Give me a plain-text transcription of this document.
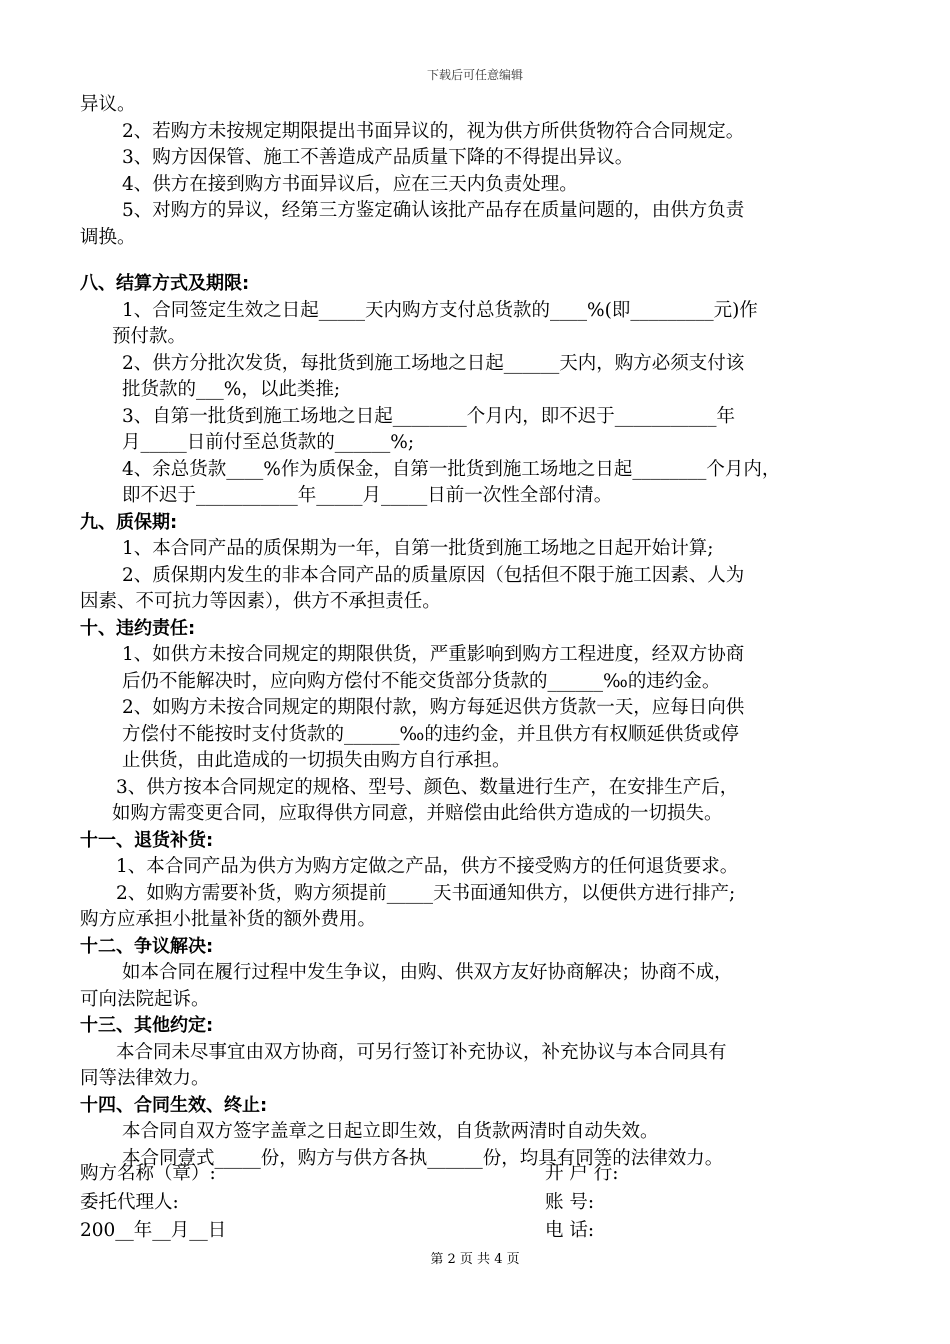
下载后可任意编辑
异议。
2、若购方未按规定期限提出书面异议的，视为供方所供货物符合合同规定。
3、购方因保管、施工不善造成产品质量下降的不得提出异议。
4、供方在接到购方书面异议后，应在三天内负责处理。
5、对购方的异议，经第三方鉴定确认该批产品存在质量问题的，由供方负责
调换。
八、结算方式及期限:
1、合同签定生效之日起_____天内购方支付总货款的____%(即_________元)作
预付款。
2、供方分批次发货，每批货到施工场地之日起______天内，购方必须支付该
批货款的___%，以此类推;
3、自第一批货到施工场地之日起________个月内，即不迟于___________年
月_____日前付至总货款的______%;
4、余总货款____%作为质保金，自第一批货到施工场地之日起________个月内，
即不迟于___________年_____月_____日前一次性全部付清。
九、质保期:
1、本合同产品的质保期为一年，自第一批货到施工场地之日起开始计算;
2、质保期内发生的非本合同产品的质量原因（包括但不限于施工因素、人为
因素、不可抗力等因素），供方不承担责任。
十、违约责任:
1、如供方未按合同规定的期限供货，严重影响到购方工程进度，经双方协商
后仍不能解决时，应向购方偿付不能交货部分货款的______‰的违约金。
2、如购方未按合同规定的期限付款，购方每延迟供方货款一天，应每日向供
方偿付不能按时支付货款的______‰的违约金，并且供方有权顺延供货或停
止供货，由此造成的一切损失由购方自行承担。
3、供方按本合同规定的规格、型号、颜色、数量进行生产，在安排生产后，
如购方需变更合同，应取得供方同意，并赔偿由此给供方造成的一切损失。
十一、退货补货:
1、本合同产品为供方为购方定做之产品，供方不接受购方的任何退货要求。
2、如购方需要补货，购方须提前_____天书面通知供方，以便供方进行排产;
购方应承担小批量补货的额外费用。
十二、争议解决:
如本合同在履行过程中发生争议，由购、供双方友好协商解决；协商不成，
可向法院起诉。
十三、其他约定:
本合同未尽事宜由双方协商，可另行签订补充协议，补充协议与本合同具有
同等法律效力。
十四、合同生效、终止:
本合同自双方签字盖章之日起立即生效，自货款两清时自动失效。
本合同壹式_____份，购方与供方各执______份，均具有同等的法律效力。
购方名称（章）:	开 户 行:
委托代理人:	账 号:
200__年__月__日	电 话:
第 2 页 共 4 页
